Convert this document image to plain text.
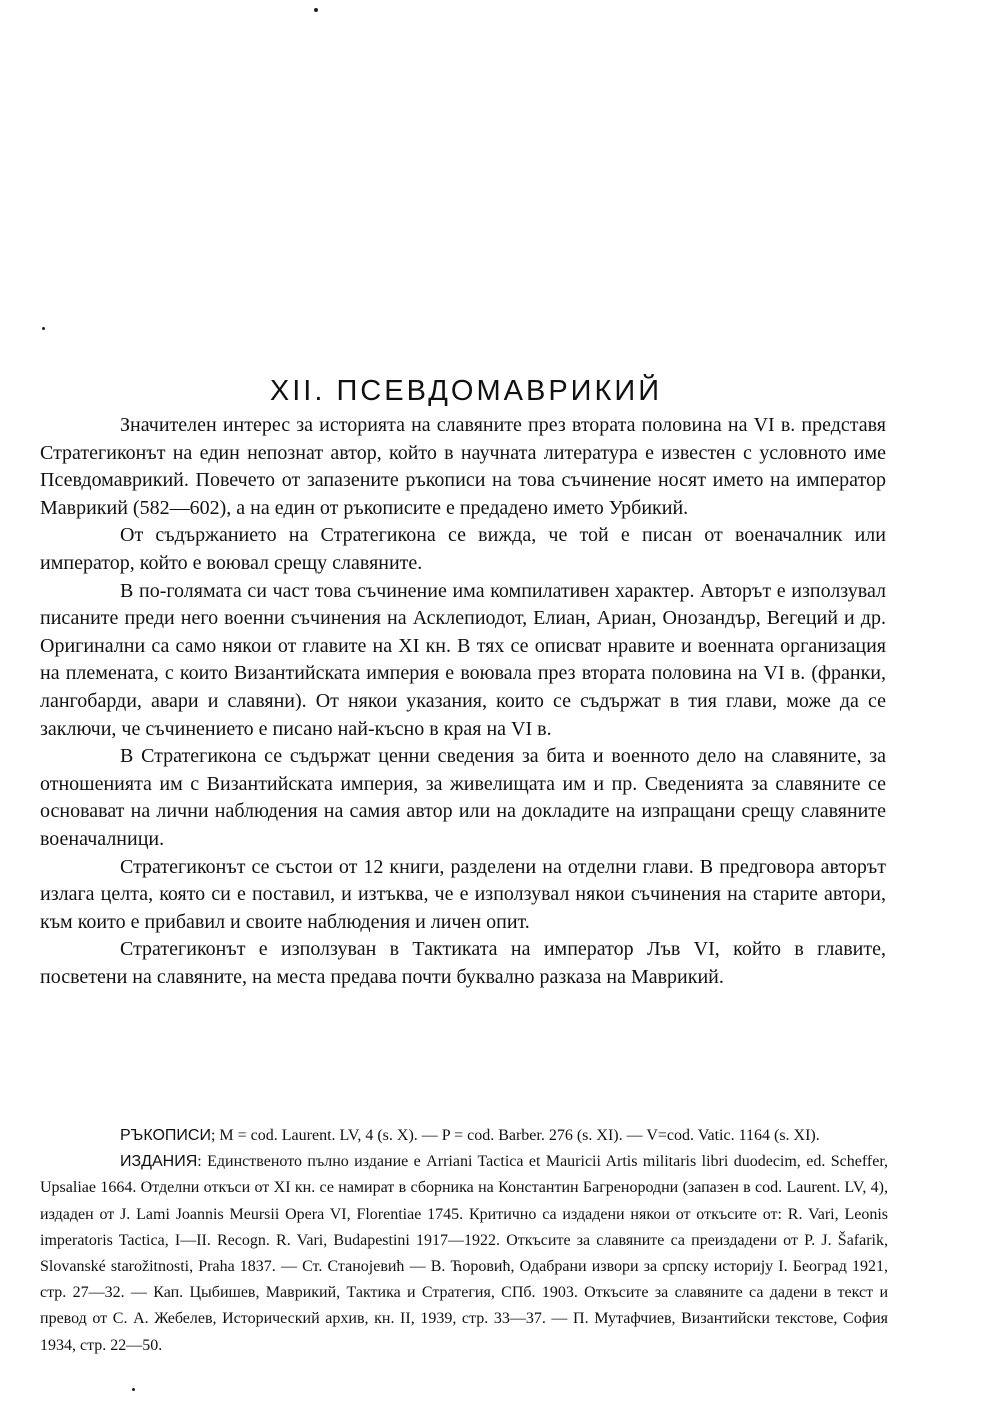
XII. ПСЕВДОМАВРИКИЙ

Значителен интерес за историята на славяните през втората половина на VI в. представя Стратегиконът на един непознат автор, който в научната литература е известен с условното име Псевдомаврикий. Повечето от запазените ръкописи на това съчинение носят името на император Маврикий (582—602), а на един от ръкописите е предадено името Урбикий.

От съдържанието на Стратегикона се вижда, че той е писан от военачалник или император, който е воювал срещу славяните.

В по-голямата си част това съчинение има компилативен характер. Авторът е използувал писаните преди него военни съчинения на Асклепиодот, Елиан, Ариан, Онозандър, Вегеций и др. Оригинални са само някои от главите на XI кн. В тях се описват нравите и военната организация на племената, с които Византийската империя е воювала през втората половина на VI в. (франки, лангобарди, авари и славяни). От някои указания, които се съдържат в тия глави, може да се заключи, че съчинението е писано най-късно в края на VI в.

В Стратегикона се съдържат ценни сведения за бита и военното дело на славяните, за отношенията им с Византийската империя, за живелищата им и пр. Сведенията за славяните се основават на лични наблюдения на самия автор или на докладите на изпращани срещу славяните военачалници.

Стратегиконът се състои от 12 книги, разделени на отделни глави. В предговора авторът излага целта, която си е поставил, и изтъква, че е използувал някои съчинения на старите автори, към които е прибавил и своите наблюдения и личен опит.

Стратегиконът е използуван в Тактиката на император Лъв VI, който в главите, посветени на славяните, на места предава почти буквално разказа на Маврикий.

РЪКОПИСИ; M = cod. Laurent. LV, 4 (s. X). — P = cod. Barber. 276 (s. XI). — V=cod. Vatic. 1164 (s. XI).

ИЗДАНИЯ: Единственото пълно издание е Arriani Tactica et Mauricii Artis militaris libri duodecim, ed. Scheffer, Upsaliae 1664. Отделни откъси от XI кн. се намират в сборника на Константин Багренородни (запазен в cod. Laurent. LV, 4), издаден от J. Lami Joannis Meursii Opera VI, Florentiae 1745. Критично са издадени някои от откъсите от: R. Vari, Leonis imperatoris Tactica, I—II. Recogn. R. Vari, Budapestini 1917—1922. Откъсите за славяните са преиздадени от P. J. Šafarik, Slovanské starožitnosti, Praha 1837. — Ст. Станојевић — В. Ћоровић, Одабрани извори за српску историју I. Београд 1921, стр. 27—32. — Кап. Цыбишев, Маврикий, Тактика и Стратегия, СПб. 1903. Откъсите за славяните са дадени в текст и превод от С. А. Жебелев, Исторический архив, кн. II, 1939, стр. 33—37. — П. Мутафчиев, Византийски текстове, София 1934, стр. 22—50.
